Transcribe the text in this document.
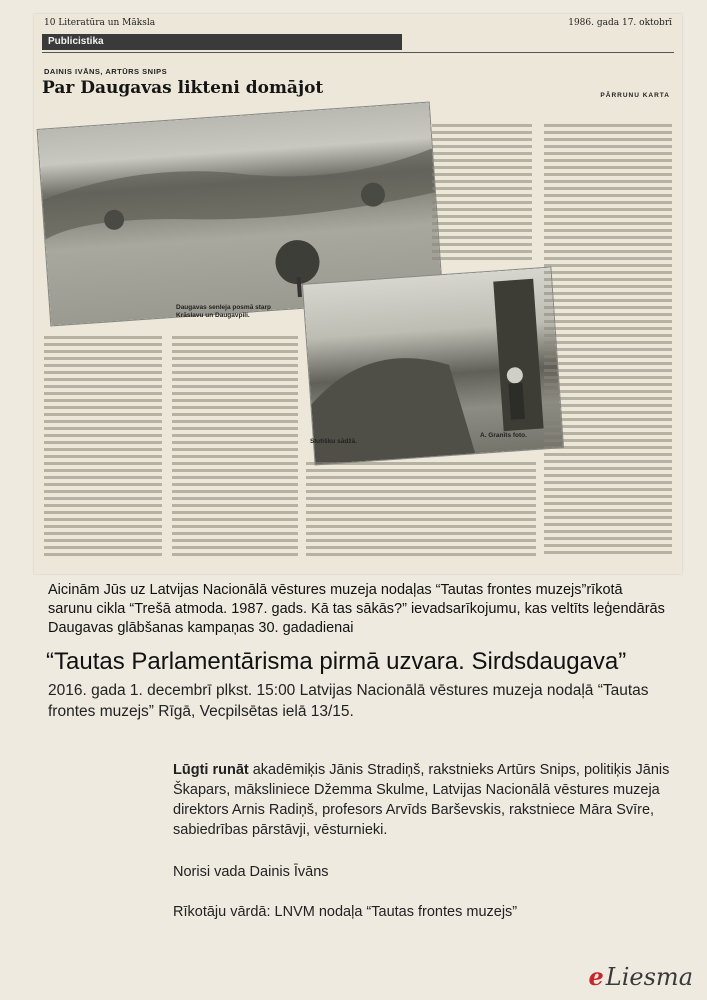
10 Literatūra un Māksla	1986. gada 17. oktobrī
Publicistika
DAINIS IVĀNS, ARTŪRS SNIPS
Par Daugavas likteni domājot	PĀRRUNU KARTA
Daugavas senleja posmā starp Krāslavu un Daugavpili.
Slutišku sādžā.
A. Granīts foto.
Aicinām Jūs uz Latvijas Nacionālā vēstures muzeja nodaļas “Tautas frontes muzejs”rīkotā sarunu cikla “Trešā atmoda. 1987. gads. Kā tas sākās?” ievadsarīkojumu, kas veltīts leģendārās Daugavas glābšanas kampaņas 30. gadadienai
“Tautas Parlamentārisma pirmā uzvara. Sirdsdaugava”
2016. gada 1. decembrī plkst. 15:00 Latvijas Nacionālā vēstures muzeja nodaļā “Tautas frontes muzejs” Rīgā, Vecpilsētas ielā 13/15.
Lūgti runāt akadēmiķis Jānis Stradiņš, rakstnieks Artūrs Snips, politiķis Jānis Škapars, māksliniece Džemma Skulme, Latvijas Nacionālā vēstures muzeja direktors Arnis Radiņš, profesors Arvīds Barševskis, rakstniece Māra Svīre, sabiedrības pārstāvji, vēsturnieki.
Norisi vada Dainis Īvāns
Rīkotāju vārdā: LNVM nodaļa “Tautas frontes muzejs”
e Liesma
